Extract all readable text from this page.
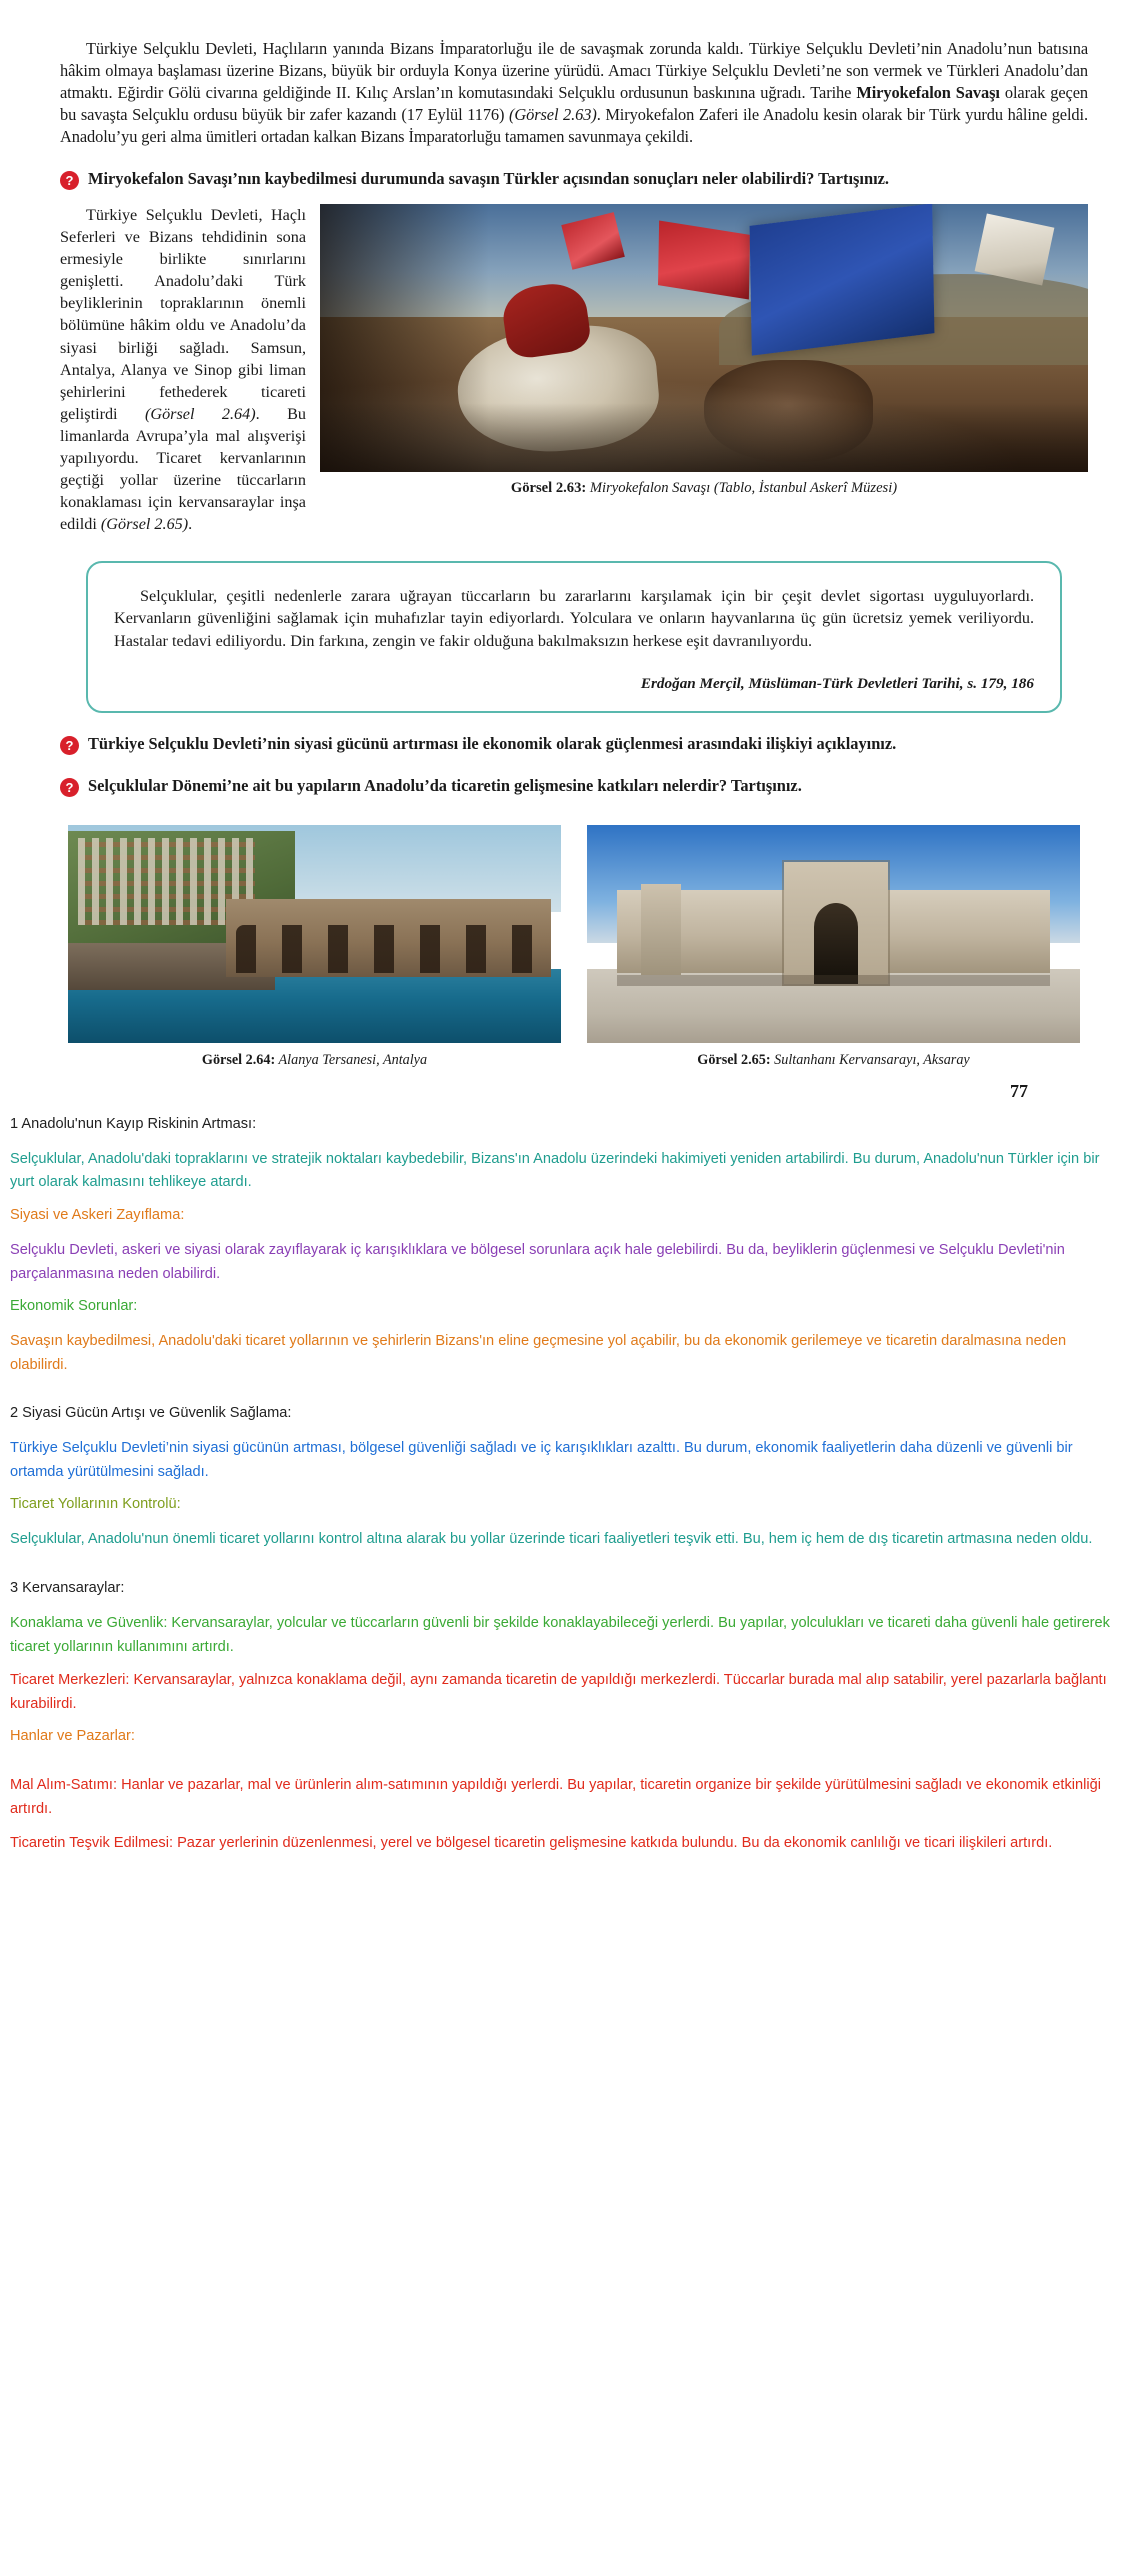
Türkiye Selçuklu Devleti, Haçlıların yanında Bizans İmparatorluğu ile de savaşmak zorunda kaldı. Türkiye Selçuklu Devleti’nin Anadolu’nun batısına hâkim olmaya başlaması üzerine Bizans, büyük bir orduyla Konya üzerine yürüdü. Amacı Türkiye Selçuklu Devleti’ne son vermek ve Türkleri Anadolu’dan atmaktı. Eğirdir Gölü civarına geldiğinde II. Kılıç Arslan’ın komutasındaki Selçuklu ordusunun baskınına uğradı. Tarihe Miryokefalon Savaşı olarak geçen bu savaşta Selçuklu ordusu büyük bir zafer kazandı (17 Eylül 1176) (Görsel 2.63). Miryokefalon Zaferi ile Anadolu kesin olarak bir Türk yurdu hâline geldi. Anadolu’yu geri alma ümitleri ortadan kalkan Bizans İmparatorluğu tamamen savunmaya çekildi.

? Miryokefalon Savaşı’nın kaybedilmesi durumunda savaşın Türkler açısından sonuçları neler olabilirdi? Tartışınız.

Türkiye Selçuklu Devleti, Haçlı Seferleri ve Bizans tehdidinin sona ermesiyle birlikte sınırlarını genişletti. Anadolu’daki Türk beyliklerinin topraklarının önemli bölümüne hâkim oldu ve Anadolu’da siyasi birliği sağladı. Samsun, Antalya, Alanya ve Sinop gibi liman şehirlerini fethederek ticareti geliştirdi (Görsel 2.64). Bu limanlarda Avrupa’yla mal alışverişi yapılıyordu. Ticaret kervanlarının geçtiği yollar üzerine tüccarların konaklaması için kervansaraylar inşa edildi (Görsel 2.65).

Görsel 2.63: Miryokefalon Savaşı (Tablo, İstanbul Askerî Müzesi)

Selçuklular, çeşitli nedenlerle zarara uğrayan tüccarların bu zararlarını karşılamak için bir çeşit devlet sigortası uyguluyorlardı. Kervanların güvenliğini sağlamak için muhafızlar tayin ediyorlardı. Yolculara ve onların hayvanlarına üç gün ücretsiz yemek veriliyordu. Hastalar tedavi ediliyordu. Din farkına, zengin ve fakir olduğuna bakılmaksızın herkese eşit davranılıyordu.

Erdoğan Merçil, Müslüman-Türk Devletleri Tarihi, s. 179, 186
? Türkiye Selçuklu Devleti’nin siyasi gücünü artırması ile ekonomik olarak güçlenmesi arasındaki ilişkiyi açıklayınız.
? Selçuklular Dönemi’ne ait bu yapıların Anadolu’da ticaretin gelişmesine katkıları nelerdir? Tartışınız.
Görsel 2.64: Alanya Tersanesi, Antalya	Görsel 2.65: Sultanhanı Kervansarayı, Aksaray
77

1 Anadolu'nun Kayıp Riskinin Artması:

Selçuklular, Anadolu'daki topraklarını ve stratejik noktaları kaybedebilir, Bizans'ın Anadolu üzerindeki hakimiyeti yeniden artabilirdi. Bu durum, Anadolu'nun Türkler için bir yurt olarak kalmasını tehlikeye atardı.

Siyasi ve Askeri Zayıflama:

Selçuklu Devleti, askeri ve siyasi olarak zayıflayarak iç karışıklıklara ve bölgesel sorunlara açık hale gelebilirdi. Bu da, beyliklerin güçlenmesi ve Selçuklu Devleti'nin parçalanmasına neden olabilirdi.

Ekonomik Sorunlar:

Savaşın kaybedilmesi, Anadolu'daki ticaret yollarının ve şehirlerin Bizans'ın eline geçmesine yol açabilir, bu da ekonomik gerilemeye ve ticaretin daralmasına neden olabilirdi.

2 Siyasi Gücün Artışı ve Güvenlik Sağlama:

Türkiye Selçuklu Devleti’nin siyasi gücünün artması, bölgesel güvenliği sağladı ve iç karışıklıkları azalttı. Bu durum, ekonomik faaliyetlerin daha düzenli ve güvenli bir ortamda yürütülmesini sağladı.

Ticaret Yollarının Kontrolü:

Selçuklular, Anadolu'nun önemli ticaret yollarını kontrol altına alarak bu yollar üzerinde ticari faaliyetleri teşvik etti. Bu, hem iç hem de dış ticaretin artmasına neden oldu.

3 Kervansaraylar:

Konaklama ve Güvenlik: Kervansaraylar, yolcular ve tüccarların güvenli bir şekilde konaklayabileceği yerlerdi. Bu yapılar, yolculukları ve ticareti daha güvenli hale getirerek ticaret yollarının kullanımını artırdı.

Ticaret Merkezleri: Kervansaraylar, yalnızca konaklama değil, aynı zamanda ticaretin de yapıldığı merkezlerdi. Tüccarlar burada mal alıp satabilir, yerel pazarlarla bağlantı kurabilirdi.

Hanlar ve Pazarlar:

Mal Alım-Satımı: Hanlar ve pazarlar, mal ve ürünlerin alım-satımının yapıldığı yerlerdi. Bu yapılar, ticaretin organize bir şekilde yürütülmesini sağladı ve ekonomik etkinliği artırdı.

Ticaretin Teşvik Edilmesi: Pazar yerlerinin düzenlenmesi, yerel ve bölgesel ticaretin gelişmesine katkıda bulundu. Bu da ekonomik canlılığı ve ticari ilişkileri artırdı.
